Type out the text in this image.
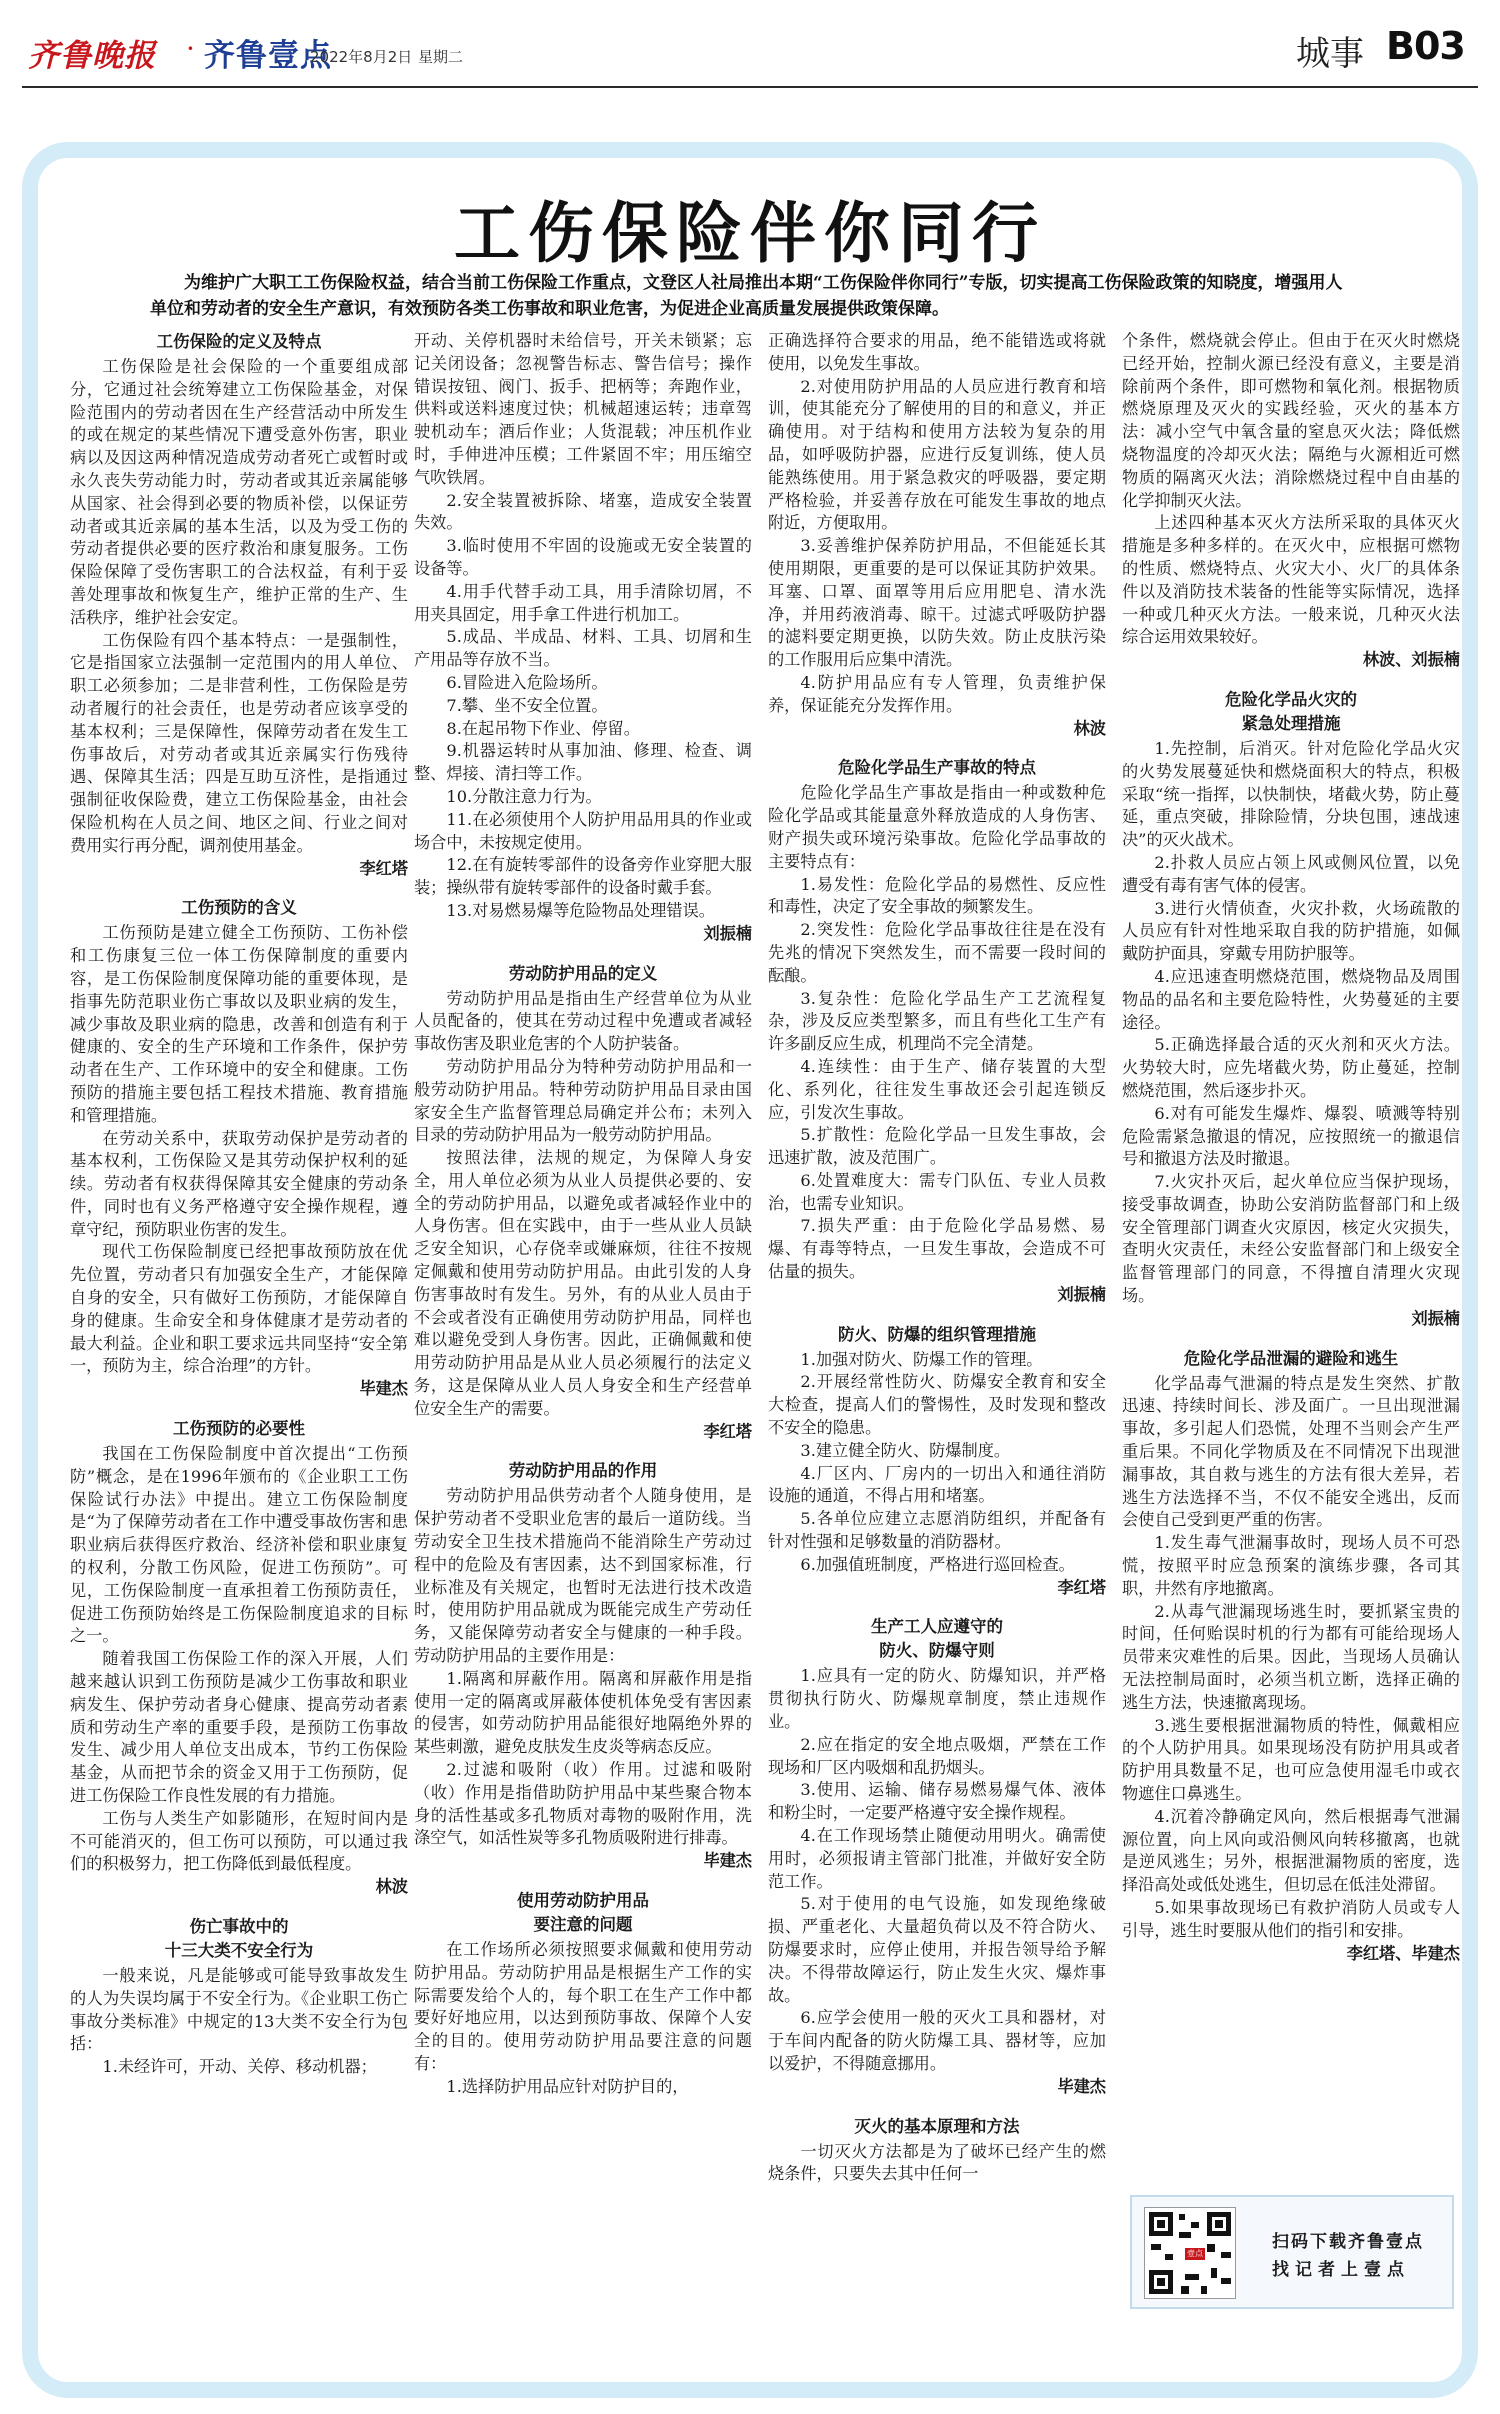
齐鲁晚报 · 齐鲁壹点
2022年8月2日 星期二	城事 B03
工伤保险伴你同行
为维护广大职工工伤保险权益，结合当前工伤保险工作重点，文登区人社局推出本期“工伤保险伴你同行”专版，切实提高工伤保险政策的知晓度，增强用人单位和劳动者的安全生产意识，有效预防各类工伤事故和职业危害，为促进企业高质量发展提供政策保障。
工伤保险的定义及特点

工伤保险是社会保险的一个重要组成部分，它通过社会统筹建立工伤保险基金，对保险范围内的劳动者因在生产经营活动中所发生的或在规定的某些情况下遭受意外伤害，职业病以及因这两种情况造成劳动者死亡或暂时或永久丧失劳动能力时，劳动者或其近亲属能够从国家、社会得到必要的物质补偿，以保证劳动者或其近亲属的基本生活，以及为受工伤的劳动者提供必要的医疗救治和康复服务。工伤保险保障了受伤害职工的合法权益，有利于妥善处理事故和恢复生产，维护正常的生产、生活秩序，维护社会安定。

工伤保险有四个基本特点：一是强制性，它是指国家立法强制一定范围内的用人单位、职工必须参加；二是非营利性，工伤保险是劳动者履行的社会责任，也是劳动者应该享受的基本权利；三是保障性，保障劳动者在发生工伤事故后，对劳动者或其近亲属实行伤残待遇、保障其生活；四是互助互济性，是指通过强制征收保险费，建立工伤保险基金，由社会保险机构在人员之间、地区之间、行业之间对费用实行再分配，调剂使用基金。

李红塔
工伤预防的含义

工伤预防是建立健全工伤预防、工伤补偿和工伤康复三位一体工伤保障制度的重要内容，是工伤保险制度保障功能的重要体现，是指事先防范职业伤亡事故以及职业病的发生，减少事故及职业病的隐患，改善和创造有利于健康的、安全的生产环境和工作条件，保护劳动者在生产、工作环境中的安全和健康。工伤预防的措施主要包括工程技术措施、教育措施和管理措施。

在劳动关系中，获取劳动保护是劳动者的基本权利，工伤保险又是其劳动保护权利的延续。劳动者有权获得保障其安全健康的劳动条件，同时也有义务严格遵守安全操作规程，遵章守纪，预防职业伤害的发生。

现代工伤保险制度已经把事故预防放在优先位置，劳动者只有加强安全生产，才能保障自身的安全，只有做好工伤预防，才能保障自身的健康。生命安全和身体健康才是劳动者的最大利益。企业和职工要求远共同坚持“安全第一，预防为主，综合治理”的方针。

毕建杰
工伤预防的必要性

我国在工伤保险制度中首次提出“工伤预防”概念，是在1996年颁布的《企业职工工伤保险试行办法》中提出。建立工伤保险制度是“为了保障劳动者在工作中遭受事故伤害和患职业病后获得医疗救治、经济补偿和职业康复的权利，分散工伤风险，促进工伤预防”。可见，工伤保险制度一直承担着工伤预防责任，促进工伤预防始终是工伤保险制度追求的目标之一。

随着我国工伤保险工作的深入开展，人们越来越认识到工伤预防是减少工伤事故和职业病发生、保护劳动者身心健康、提高劳动者素质和劳动生产率的重要手段，是预防工伤事故发生、减少用人单位支出成本，节约工伤保险基金，从而把节余的资金又用于工伤预防，促进工伤保险工作良性发展的有力措施。

工伤与人类生产如影随形，在短时间内是不可能消灭的，但工伤可以预防，可以通过我们的积极努力，把工伤降低到最低程度。

林波
伤亡事故中的
十三大类不安全行为

一般来说，凡是能够或可能导致事故发生的人为失误均属于不安全行为。《企业职工伤亡事故分类标准》中规定的13大类不安全行为包括：

1.未经许可，开动、关停、移动机器；

开动、关停机器时未给信号，开关未锁紧；忘记关闭设备；忽视警告标志、警告信号；操作错误按钮、阀门、扳手、把柄等；奔跑作业，供料或送料速度过快；机械超速运转；违章驾驶机动车；酒后作业；人货混载；冲压机作业时，手伸进冲压模；工件紧固不牢；用压缩空气吹铁屑。

2.安全装置被拆除、堵塞，造成安全装置失效。

3.临时使用不牢固的设施或无安全装置的设备等。

4.用手代替手动工具，用手清除切屑，不用夹具固定，用手拿工件进行机加工。

5.成品、半成品、材料、工具、切屑和生产用品等存放不当。

6.冒险进入危险场所。

7.攀、坐不安全位置。

8.在起吊物下作业、停留。

9.机器运转时从事加油、修理、检查、调整、焊接、清扫等工作。

10.分散注意力行为。

11.在必须使用个人防护用品用具的作业或场合中，未按规定使用。

12.在有旋转零部件的设备旁作业穿肥大服装；操纵带有旋转零部件的设备时戴手套。

13.对易燃易爆等危险物品处理错误。

刘振楠
劳动防护用品的定义

劳动防护用品是指由生产经营单位为从业人员配备的，使其在劳动过程中免遭或者减轻事故伤害及职业危害的个人防护装备。

劳动防护用品分为特种劳动防护用品和一般劳动防护用品。特种劳动防护用品目录由国家安全生产监督管理总局确定并公布；未列入目录的劳动防护用品为一般劳动防护用品。

按照法律，法规的规定，为保障人身安全，用人单位必须为从业人员提供必要的、安全的劳动防护用品，以避免或者减轻作业中的人身伤害。但在实践中，由于一些从业人员缺乏安全知识，心存侥幸或嫌麻烦，往往不按规定佩戴和使用劳动防护用品。由此引发的人身伤害事故时有发生。另外，有的从业人员由于不会或者没有正确使用劳动防护用品，同样也难以避免受到人身伤害。因此，正确佩戴和使用劳动防护用品是从业人员必须履行的法定义务，这是保障从业人员人身安全和生产经营单位安全生产的需要。

李红塔
劳动防护用品的作用

劳动防护用品供劳动者个人随身使用，是保护劳动者不受职业危害的最后一道防线。当劳动安全卫生技术措施尚不能消除生产劳动过程中的危险及有害因素，达不到国家标准，行业标准及有关规定，也暂时无法进行技术改造时，使用防护用品就成为既能完成生产劳动任务，又能保障劳动者安全与健康的一种手段。劳动防护用品的主要作用是：

1.隔离和屏蔽作用。隔离和屏蔽作用是指使用一定的隔离或屏蔽体使机体免受有害因素的侵害，如劳动防护用品能很好地隔绝外界的某些刺激，避免皮肤发生皮炎等病态反应。

2.过滤和吸附（收）作用。过滤和吸附（收）作用是指借助防护用品中某些聚合物本身的活性基或多孔物质对毒物的吸附作用，洗涤空气，如活性炭等多孔物质吸附进行排毒。

毕建杰
使用劳动防护用品
要注意的问题

在工作场所必须按照要求佩戴和使用劳动防护用品。劳动防护用品是根据生产工作的实际需要发给个人的，每个职工在生产工作中都要好好地应用，以达到预防事故、保障个人安全的目的。使用劳动防护用品要注意的问题有：

1.选择防护用品应针对防护目的，

正确选择符合要求的用品，绝不能错选或将就使用，以免发生事故。

2.对使用防护用品的人员应进行教育和培训，使其能充分了解使用的目的和意义，并正确使用。对于结构和使用方法较为复杂的用品，如呼吸防护器，应进行反复训练，使人员能熟练使用。用于紧急救灾的呼吸器，要定期严格检验，并妥善存放在可能发生事故的地点附近，方便取用。

3.妥善维护保养防护用品，不但能延长其使用期限，更重要的是可以保证其防护效果。耳塞、口罩、面罩等用后应用肥皂、清水洗净，并用药液消毒、晾干。过滤式呼吸防护器的滤料要定期更换，以防失效。防止皮肤污染的工作服用后应集中清洗。

4.防护用品应有专人管理，负责维护保养，保证能充分发挥作用。

林波
危险化学品生产事故的特点

危险化学品生产事故是指由一种或数种危险化学品或其能量意外释放造成的人身伤害、财产损失或环境污染事故。危险化学品事故的主要特点有：

1.易发性：危险化学品的易燃性、反应性和毒性，决定了安全事故的频繁发生。

2.突发性：危险化学品事故往往是在没有先兆的情况下突然发生，而不需要一段时间的酝酿。

3.复杂性：危险化学品生产工艺流程复杂，涉及反应类型繁多，而且有些化工生产有许多副反应生成，机理尚不完全清楚。

4.连续性：由于生产、储存装置的大型化、系列化，往往发生事故还会引起连锁反应，引发次生事故。

5.扩散性：危险化学品一旦发生事故，会迅速扩散，波及范围广。

6.处置难度大：需专门队伍、专业人员救治，也需专业知识。

7.损失严重：由于危险化学品易燃、易爆、有毒等特点，一旦发生事故，会造成不可估量的损失。

刘振楠
防火、防爆的组织管理措施

1.加强对防火、防爆工作的管理。

2.开展经常性防火、防爆安全教育和安全大检查，提高人们的警惕性，及时发现和整改不安全的隐患。

3.建立健全防火、防爆制度。

4.厂区内、厂房内的一切出入和通往消防设施的通道，不得占用和堵塞。

5.各单位应建立志愿消防组织，并配备有针对性强和足够数量的消防器材。

6.加强值班制度，严格进行巡回检查。

李红塔
生产工人应遵守的
防火、防爆守则

1.应具有一定的防火、防爆知识，并严格贯彻执行防火、防爆规章制度，禁止违规作业。

2.应在指定的安全地点吸烟，严禁在工作现场和厂区内吸烟和乱扔烟头。

3.使用、运输、储存易燃易爆气体、液体和粉尘时，一定要严格遵守安全操作规程。

4.在工作现场禁止随便动用明火。确需使用时，必须报请主管部门批准，并做好安全防范工作。

5.对于使用的电气设施，如发现绝缘破损、严重老化、大量超负荷以及不符合防火、防爆要求时，应停止使用，并报告领导给予解决。不得带故障运行，防止发生火灾、爆炸事故。

6.应学会使用一般的灭火工具和器材，对于车间内配备的防火防爆工具、器材等，应加以爱护，不得随意挪用。

毕建杰
灭火的基本原理和方法

一切灭火方法都是为了破坏已经产生的燃烧条件，只要失去其中任何一

个条件，燃烧就会停止。但由于在灭火时燃烧已经开始，控制火源已经没有意义，主要是消除前两个条件，即可燃物和氧化剂。根据物质燃烧原理及灭火的实践经验，灭火的基本方法：减小空气中氧含量的窒息灭火法；降低燃烧物温度的冷却灭火法；隔绝与火源相近可燃物质的隔离灭火法；消除燃烧过程中自由基的化学抑制灭火法。

上述四种基本灭火方法所采取的具体灭火措施是多种多样的。在灭火中，应根据可燃物的性质、燃烧特点、火灾大小、火厂的具体条件以及消防技术装备的性能等实际情况，选择一种或几种灭火方法。一般来说，几种灭火法综合运用效果较好。

林波、刘振楠
危险化学品火灾的
紧急处理措施

1.先控制，后消灭。针对危险化学品火灾的火势发展蔓延快和燃烧面积大的特点，积极采取“统一指挥，以快制快，堵截火势，防止蔓延，重点突破，排除险情，分块包围，速战速决”的灭火战术。

2.扑救人员应占领上风或侧风位置，以免遭受有毒有害气体的侵害。

3.进行火情侦查，火灾扑救，火场疏散的人员应有针对性地采取自我的防护措施，如佩戴防护面具，穿戴专用防护服等。

4.应迅速查明燃烧范围，燃烧物品及周围物品的品名和主要危险特性，火势蔓延的主要途径。

5.正确选择最合适的灭火剂和灭火方法。火势较大时，应先堵截火势，防止蔓延，控制燃烧范围，然后逐步扑灭。

6.对有可能发生爆炸、爆裂、喷溅等特别危险需紧急撤退的情况，应按照统一的撤退信号和撤退方法及时撤退。

7.火灾扑灭后，起火单位应当保护现场，接受事故调查，协助公安消防监督部门和上级安全管理部门调查火灾原因，核定火灾损失，查明火灾责任，未经公安监督部门和上级安全监督管理部门的同意，不得擅自清理火灾现场。

刘振楠
危险化学品泄漏的避险和逃生

化学品毒气泄漏的特点是发生突然、扩散迅速、持续时间长、涉及面广。一旦出现泄漏事故，多引起人们恐慌，处理不当则会产生严重后果。不同化学物质及在不同情况下出现泄漏事故，其自救与逃生的方法有很大差异，若逃生方法选择不当，不仅不能安全逃出，反而会使自己受到更严重的伤害。

1.发生毒气泄漏事故时，现场人员不可恐慌，按照平时应急预案的演练步骤，各司其职，井然有序地撤离。

2.从毒气泄漏现场逃生时，要抓紧宝贵的时间，任何贻误时机的行为都有可能给现场人员带来灾难性的后果。因此，当现场人员确认无法控制局面时，必须当机立断，选择正确的逃生方法，快速撤离现场。

3.逃生要根据泄漏物质的特性，佩戴相应的个人防护用具。如果现场没有防护用具或者防护用具数量不足，也可应急使用湿毛巾或衣物遮住口鼻逃生。

4.沉着冷静确定风向，然后根据毒气泄漏源位置，向上风向或沿侧风向转移撤离，也就是逆风逃生；另外，根据泄漏物质的密度，选择沿高处或低处逃生，但切忌在低洼处滞留。

5.如果事故现场已有救护消防人员或专人引导，逃生时要服从他们的指引和安排。

李红塔、毕建杰
壹点
扫码下载齐鲁壹点
找记者上壹点
